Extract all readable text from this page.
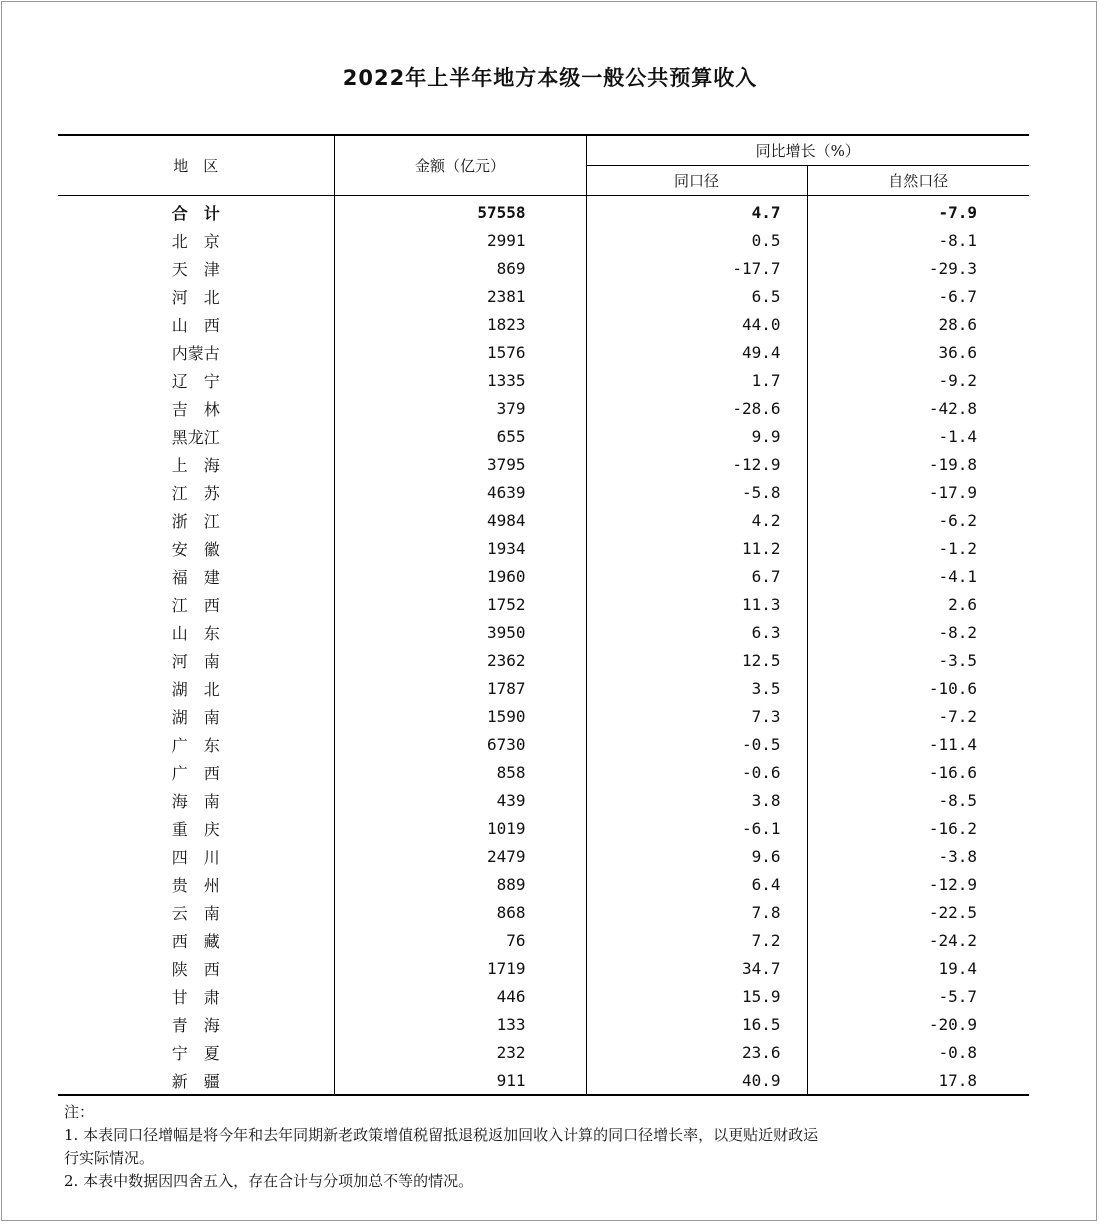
2022年上半年地方本级一般公共预算收入
地　区	金额（亿元）	同比增长（%）	
		同口径	自然口径
合　计	57558	4.7	-7.9
北　京	2991	0.5	-8.1
天　津	869	-17.7	-29.3
河　北	2381	6.5	-6.7
山　西	1823	44.0	28.6
内蒙古	1576	49.4	36.6
辽　宁	1335	1.7	-9.2
吉　林	379	-28.6	-42.8
黑龙江	655	9.9	-1.4
上　海	3795	-12.9	-19.8
江　苏	4639	-5.8	-17.9
浙　江	4984	4.2	-6.2
安　徽	1934	11.2	-1.2
福　建	1960	6.7	-4.1
江　西	1752	11.3	2.6
山　东	3950	6.3	-8.2
河　南	2362	12.5	-3.5
湖　北	1787	3.5	-10.6
湖　南	1590	7.3	-7.2
广　东	6730	-0.5	-11.4
广　西	858	-0.6	-16.6
海　南	439	3.8	-8.5
重　庆	1019	-6.1	-16.2
四　川	2479	9.6	-3.8
贵　州	889	6.4	-12.9
云　南	868	7.8	-22.5
西　藏	76	7.2	-24.2
陕　西	1719	34.7	19.4
甘　肃	446	15.9	-5.7
青　海	133	16.5	-20.9
宁　夏	232	23.6	-0.8
新　疆	911	40.9	17.8
注：
1. 本表同口径增幅是将今年和去年同期新老政策增值税留抵退税返加回收入计算的同口径增长率，以更贴近财政运
行实际情况。
2. 本表中数据因四舍五入，存在合计与分项加总不等的情况。
